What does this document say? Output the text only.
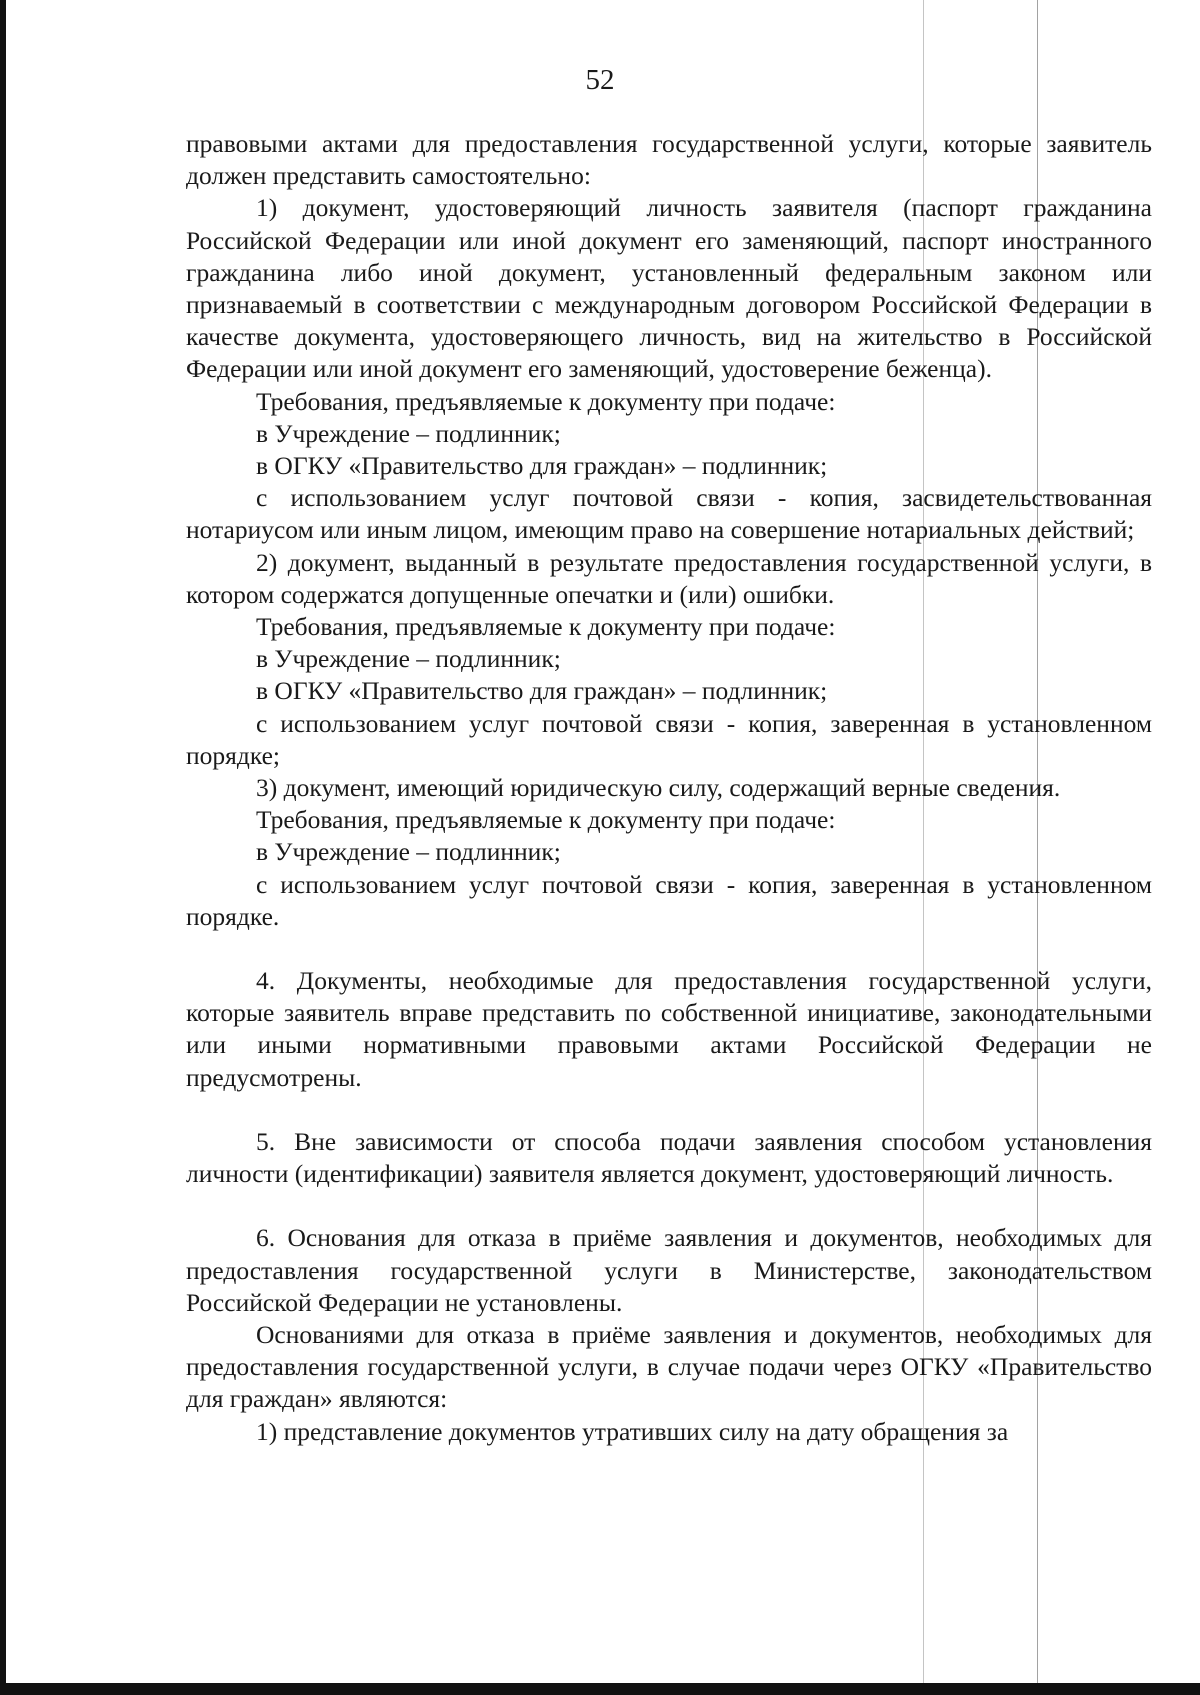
52

правовыми актами для предоставления государственной услуги, которые заявитель должен представить самостоятельно:

1) документ, удостоверяющий личность заявителя (паспорт гражданина Российской Федерации или иной документ его заменяющий, паспорт иностранного гражданина либо иной документ, установленный федеральным законом или признаваемый в соответствии с международным договором Российской Федерации в качестве документа, удостоверяющего личность, вид на жительство в Российской Федерации или иной документ его заменяющий, удостоверение беженца).

Требования, предъявляемые к документу при подаче:

в Учреждение – подлинник;

в ОГКУ «Правительство для граждан» – подлинник;

с использованием услуг почтовой связи - копия, засвидетельствованная нотариусом или иным лицом, имеющим право на совершение нотариальных действий;

2) документ, выданный в результате предоставления государственной услуги, в котором содержатся допущенные опечатки и (или) ошибки.

Требования, предъявляемые к документу при подаче:

в Учреждение – подлинник;

в ОГКУ «Правительство для граждан» – подлинник;

с использованием услуг почтовой связи - копия, заверенная в установленном порядке;

3) документ, имеющий юридическую силу, содержащий верные сведения.

Требования, предъявляемые к документу при подаче:

в Учреждение – подлинник;

с использованием услуг почтовой связи - копия, заверенная в установленном порядке.

4. Документы, необходимые для предоставления государственной услуги, которые заявитель вправе представить по собственной инициативе, законодательными или иными нормативными правовыми актами Российской Федерации не предусмотрены.

5. Вне зависимости от способа подачи заявления способом установления личности (идентификации) заявителя является документ, удостоверяющий личность.

6. Основания для отказа в приёме заявления и документов, необходимых для предоставления государственной услуги в Министерстве, законодательством Российской Федерации не установлены.

Основаниями для отказа в приёме заявления и документов, необходимых для предоставления государственной услуги, в случае подачи через ОГКУ «Правительство для граждан» являются:

1) представление документов утративших силу на дату обращения за
